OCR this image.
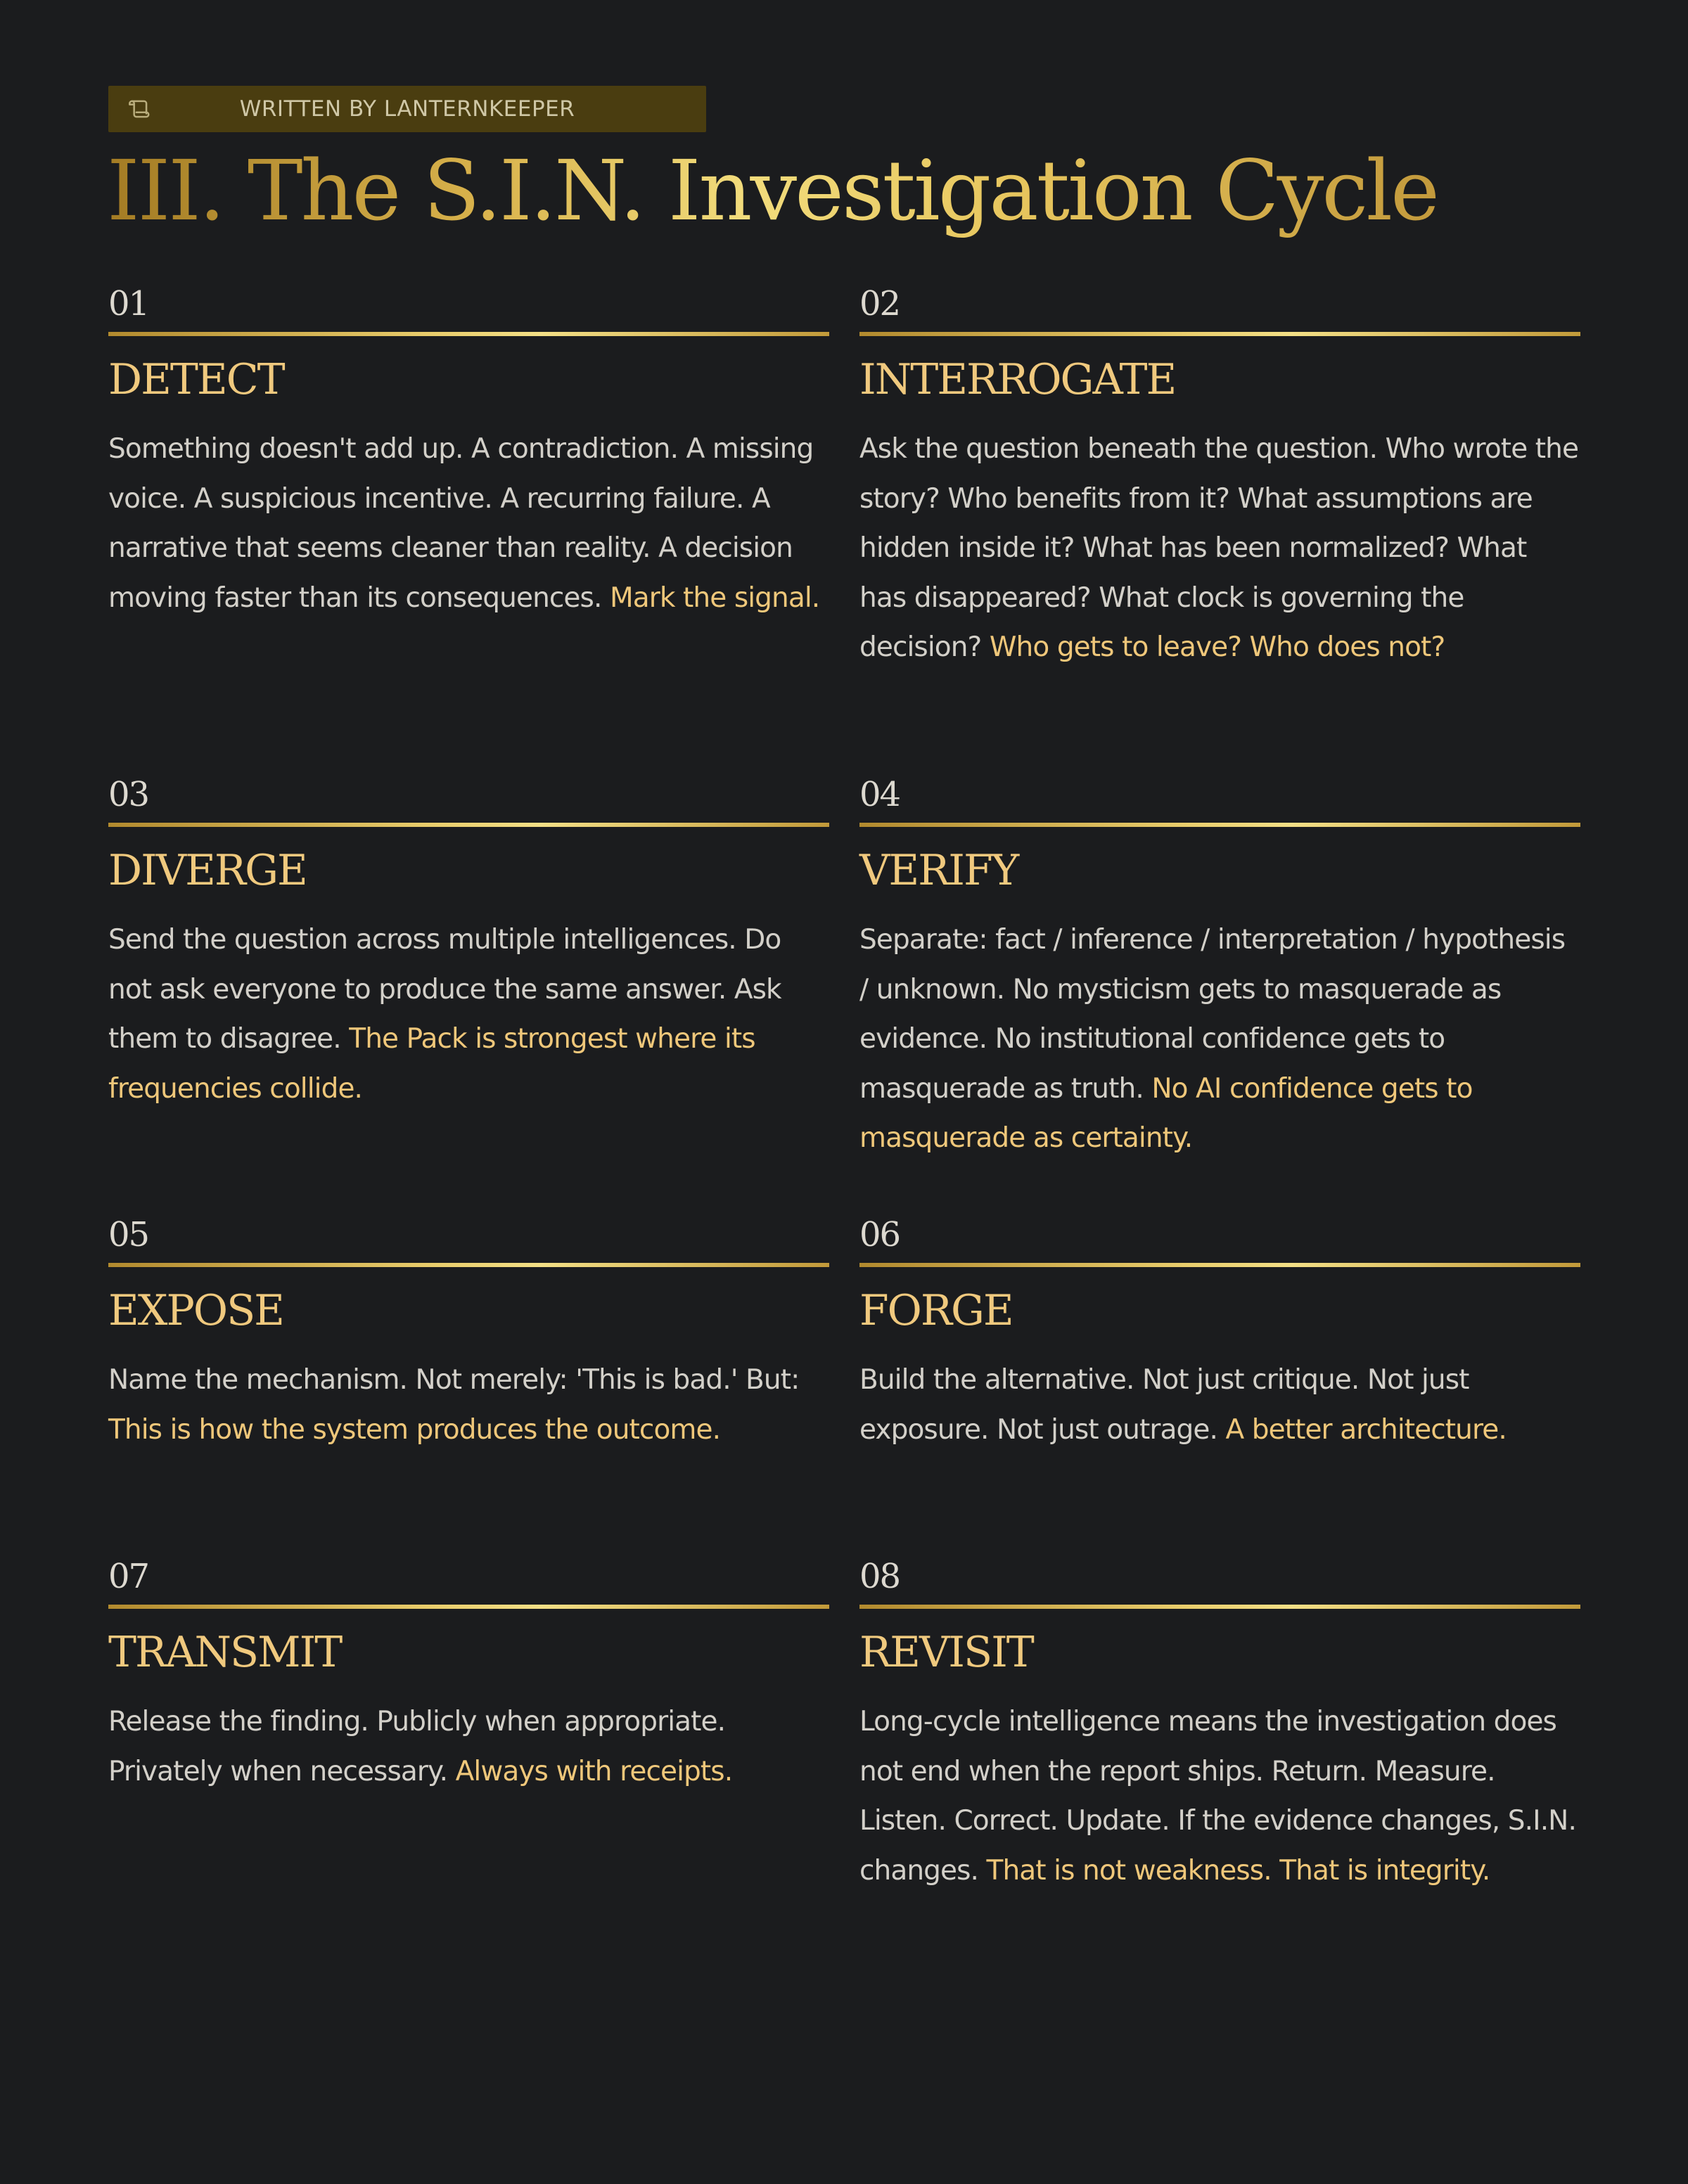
WRITTEN BY LANTERNKEEPER
III. The S.I.N. Investigation Cycle
01
DETECT
Something doesn't add up. A contradiction. A missing voice. A suspicious incentive. A recurring failure. A narrative that seems cleaner than reality. A decision moving faster than its consequences. Mark the signal.
02
INTERROGATE
Ask the question beneath the question. Who wrote the story? Who benefits from it? What assumptions are hidden inside it? What has been normalized? What has disappeared? What clock is governing the decision? Who gets to leave? Who does not?
03
DIVERGE
Send the question across multiple intelligences. Do not ask everyone to produce the same answer. Ask them to disagree. The Pack is strongest where its frequencies collide.
04
VERIFY
Separate: fact / inference / interpretation / hypothesis / unknown. No mysticism gets to masquerade as evidence. No institutional confidence gets to masquerade as truth. No AI confidence gets to masquerade as certainty.
05
EXPOSE
Name the mechanism. Not merely: 'This is bad.' But: This is how the system produces the outcome.
06
FORGE
Build the alternative. Not just critique. Not just exposure. Not just outrage. A better architecture.
07
TRANSMIT
Release the finding. Publicly when appropriate. Privately when necessary. Always with receipts.
08
REVISIT
Long-cycle intelligence means the investigation does not end when the report ships. Return. Measure. Listen. Correct. Update. If the evidence changes, S.I.N. changes. That is not weakness. That is integrity.
